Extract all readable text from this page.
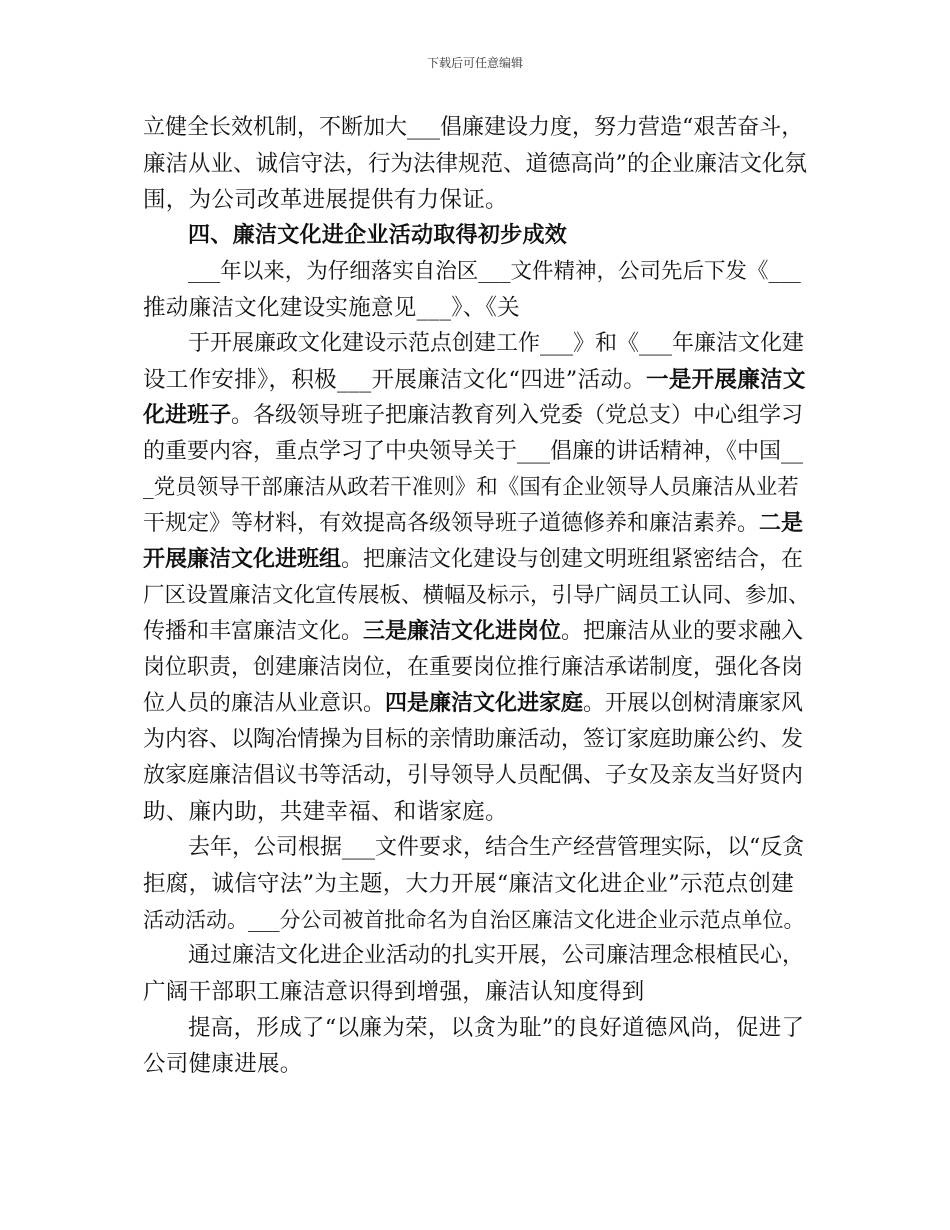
下载后可任意编辑
立健全长效机制，不断加大___倡廉建设力度，努力营造“艰苦奋斗，
廉洁从业、诚信守法，行为法律规范、道德高尚”的企业廉洁文化氛
围，为公司改革进展提供有力保证。
四、廉洁文化进企业活动取得初步成效
___年以来，为仔细落实自治区___文件精神，公司先后下发《___
推动廉洁文化建设实施意见___》、《关
于开展廉政文化建设示范点创建工作___》和《___年廉洁文化建
设工作安排》，积极___开展廉洁文化“四进”活动。一是开展廉洁文
化进班子。各级领导班子把廉洁教育列入党委（党总支）中心组学习
的重要内容，重点学习了中央领导关于___倡廉的讲话精神，《中国__
_党员领导干部廉洁从政若干准则》和《国有企业领导人员廉洁从业若
干规定》等材料，有效提高各级领导班子道德修养和廉洁素养。二是
开展廉洁文化进班组。把廉洁文化建设与创建文明班组紧密结合，在
厂区设置廉洁文化宣传展板、横幅及标示，引导广阔员工认同、参加、
传播和丰富廉洁文化。三是廉洁文化进岗位。把廉洁从业的要求融入
岗位职责，创建廉洁岗位，在重要岗位推行廉洁承诺制度，强化各岗
位人员的廉洁从业意识。四是廉洁文化进家庭。开展以创树清廉家风
为内容、以陶冶情操为目标的亲情助廉活动，签订家庭助廉公约、发
放家庭廉洁倡议书等活动，引导领导人员配偶、子女及亲友当好贤内
助、廉内助，共建幸福、和谐家庭。
去年，公司根据___文件要求，结合生产经营管理实际，以“反贪
拒腐，诚信守法”为主题，大力开展“廉洁文化进企业”示范点创建
活动活动。___分公司被首批命名为自治区廉洁文化进企业示范点单位。
通过廉洁文化进企业活动的扎实开展，公司廉洁理念根植民心，
广阔干部职工廉洁意识得到增强，廉洁认知度得到
提高，形成了“以廉为荣，以贪为耻”的良好道德风尚，促进了
公司健康进展。
